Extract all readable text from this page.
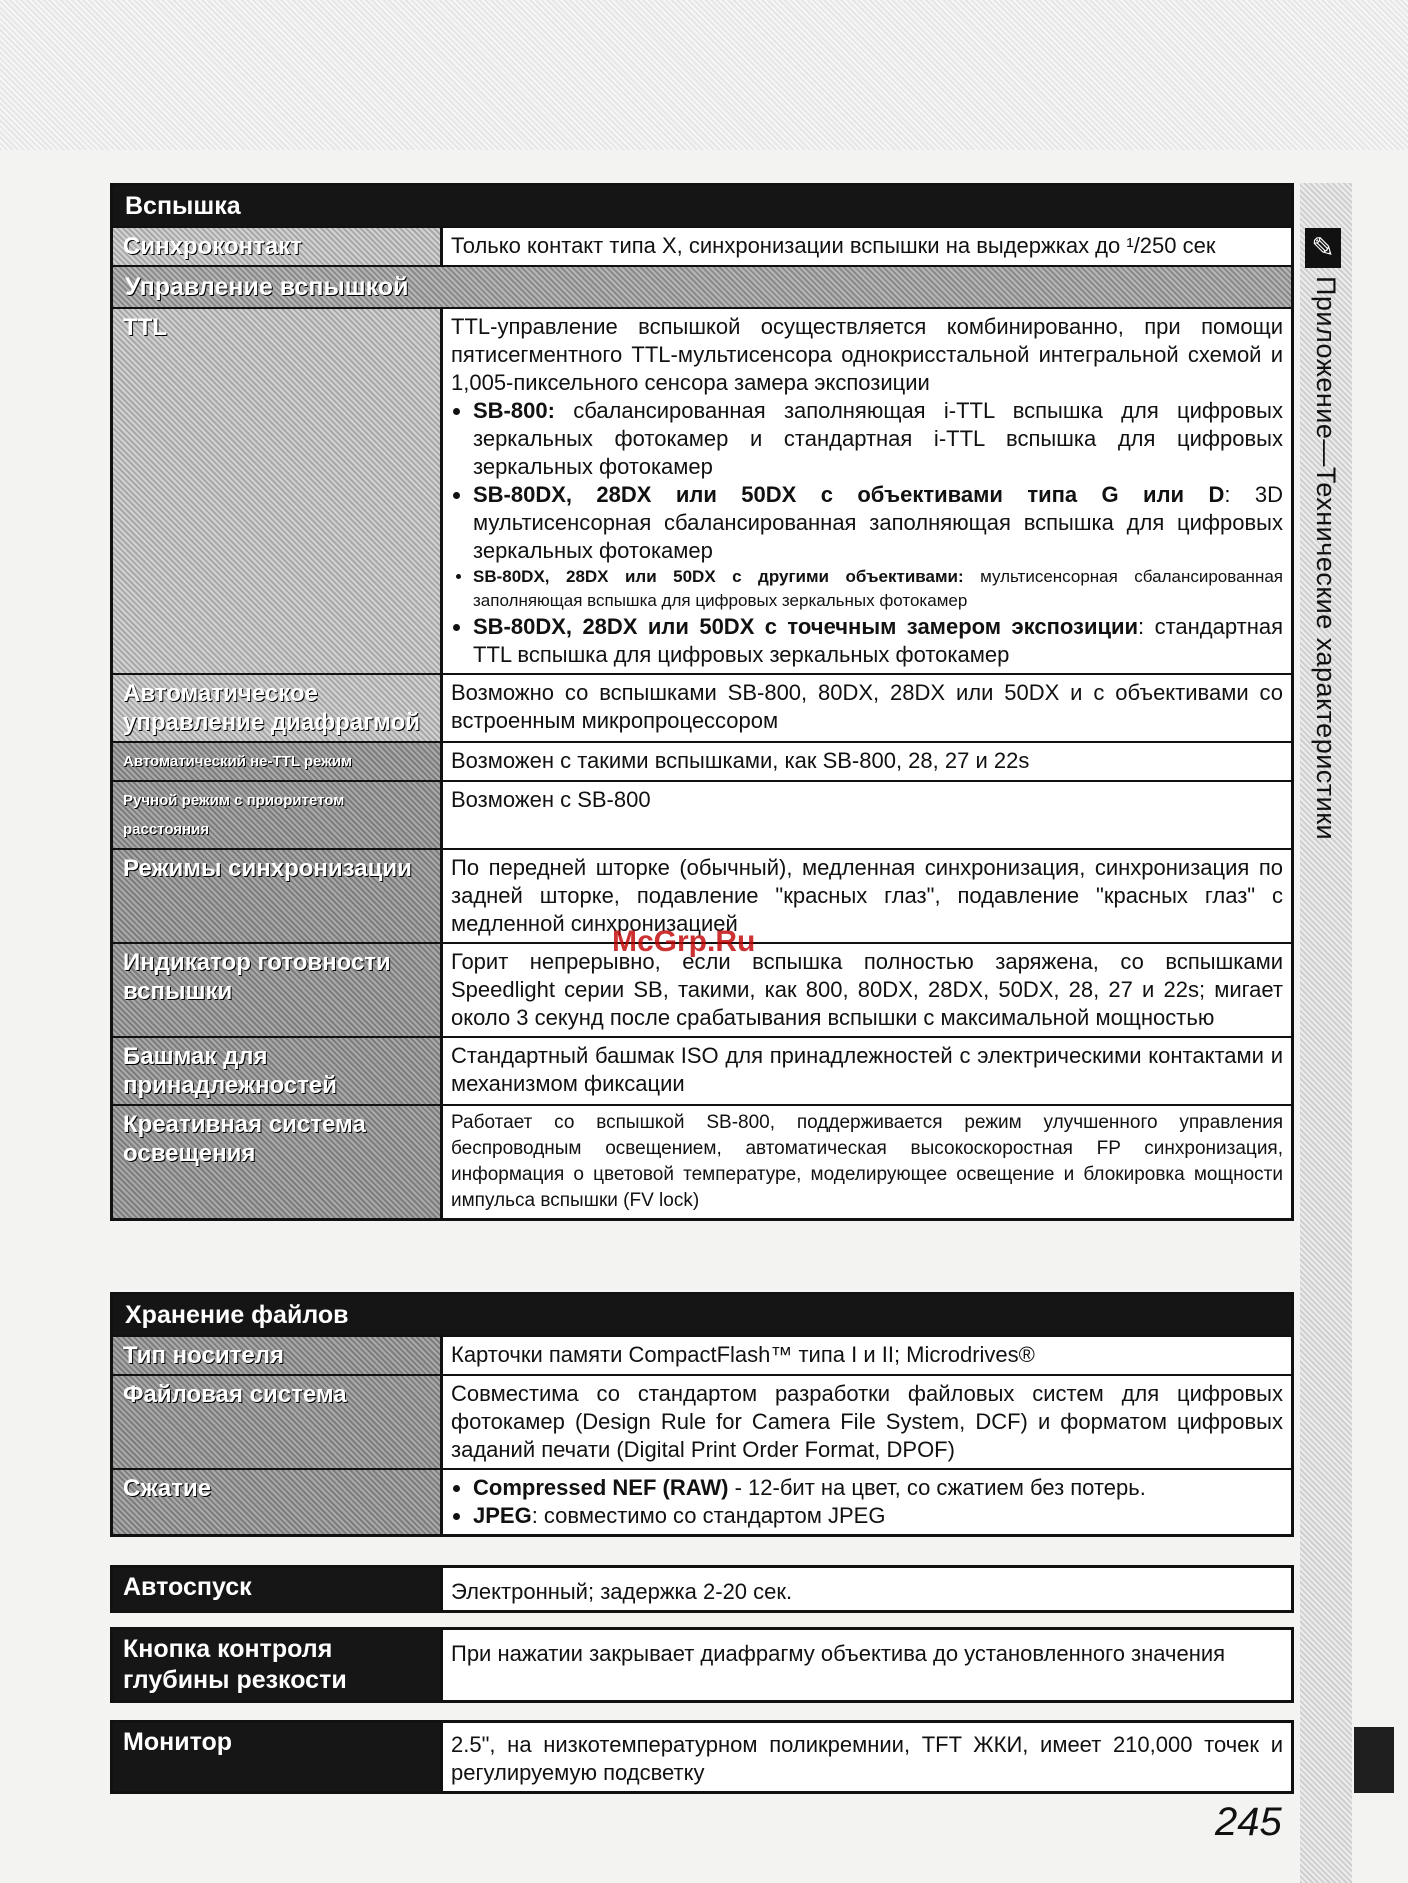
✎
Приложение—Технические характеристики
Вспышка
Синхроконтакт	Только контакт типа X, синхронизации вспышки на выдержках до ¹/250 сек
Управление вспышкой
TTL	TTL-управление вспышкой осуществляется комбинированно, при помощи пятисегментного TTL-мультисенсора однокрисстальной интегральной схемой и 1,005-пиксельного сенсора замера экспозиции
• SB-800: сбалансированная заполняющая i-TTL вспышка для цифровых зеркальных фотокамер и стандартная i-TTL вспышка для цифровых зеркальных фотокамер
• SB-80DX, 28DX или 50DX с объективами типа G или D: 3D мультисенсорная сбалансированная заполняющая вспышка для цифровых зеркальных фотокамер
• SB-80DX, 28DX или 50DX с другими объективами: мультисенсорная сбалансированная заполняющая вспышка для цифровых зеркальных фотокамер
• SB-80DX, 28DX или 50DX с точечным замером экспозиции: стандартная TTL вспышка для цифровых зеркальных фотокамер
Автоматическое управление диафрагмой
Возможно со вспышками SB-800, 80DX, 28DX или 50DX и с объективами со встроенным микропроцессором
Автоматический не-TTL режим	Возможен с такими вспышками, как SB-800, 28, 27 и 22s
Ручной режим с приоритетом расстояния
Возможен с SB-800
Режимы синхронизации	По передней шторке (обычный), медленная синхронизация, синхронизация по задней шторке, подавление "красных глаз", подавление "красных глаз" с медленной синхронизацией
Индикатор готовности вспышки
Горит непрерывно, если вспышка полностью заряжена, со вспышками Speedlight серии SB, такими, как 800, 80DX, 28DX, 50DX, 28, 27 и 22s; мигает около 3 секунд после срабатывания вспышки с максимальной мощностью
Башмак для принадлежностей
Стандартный башмак ISO для принадлежностей с электрическими контактами и механизмом фиксации
Креативная система освещения
Работает со вспышкой SB-800, поддерживается режим улучшенного управления беспроводным освещением, автоматическая высокоскоростная FP синхронизация, информация о цветовой температуре, моделирующее освещение и блокировка мощности импульса вспышки (FV lock)
McGrp.Ru
Хранение файлов
Тип носителя	Карточки памяти CompactFlash™ типа I и II; Microdrives®
Файловая система	Совместима со стандартом разработки файловых систем для цифровых фотокамер (Design Rule for Camera File System, DCF) и форматом цифровых заданий печати (Digital Print Order Format, DPOF)
Сжатие
•	Compressed NEF (RAW) - 12-бит на цвет, со сжатием без потерь.
• JPEG: совместимо со стандартом JPEG
Автоспуск	Электронный; задержка 2-20 сек.
Кнопка контроля глубины резкости
При нажатии закрывает диафрагму объектива до установленного значения
Монитор	2.5", на низкотемпературном поликремнии, TFT ЖКИ, имеет 210,000 точек и регулируемую подсветку
245
